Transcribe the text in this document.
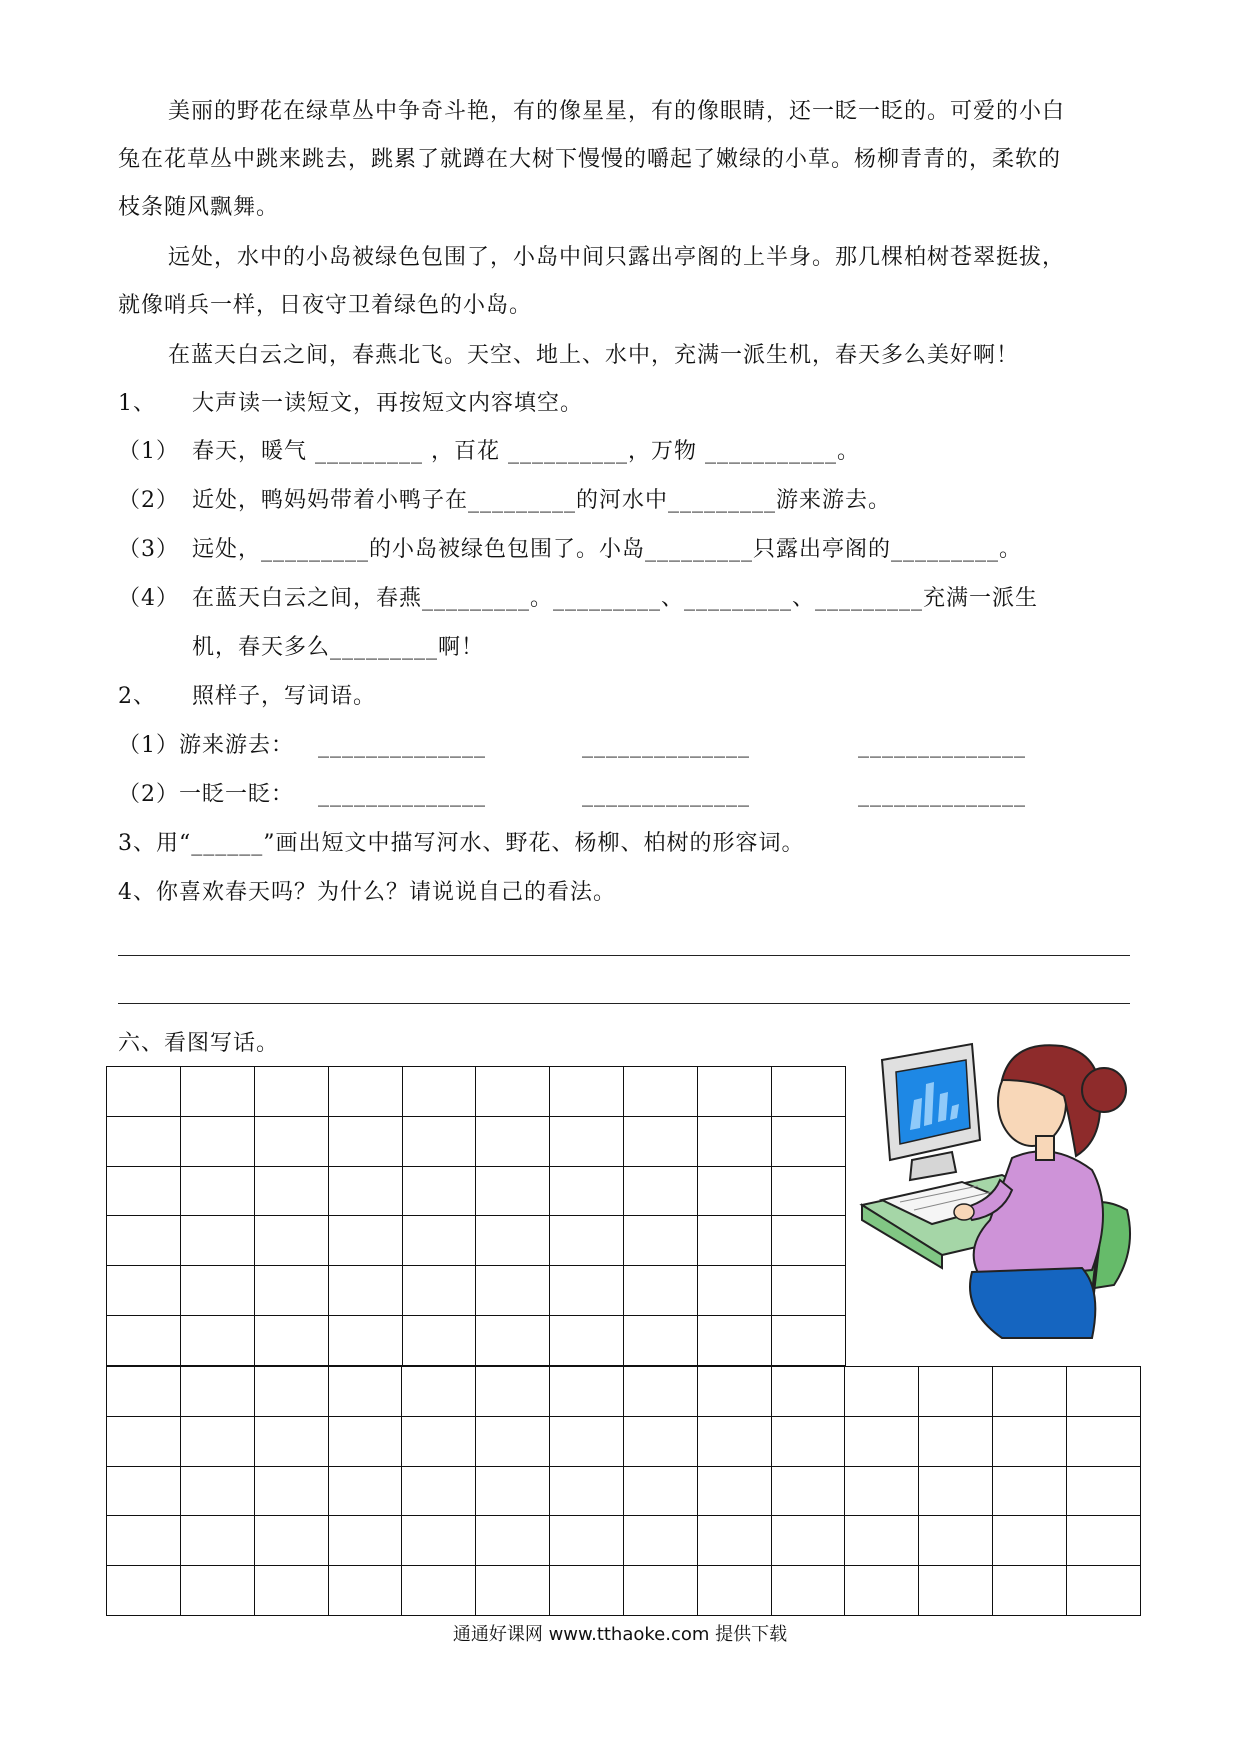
美丽的野花在绿草丛中争奇斗艳，有的像星星，有的像眼睛，还一眨一眨的。可爱的小白
兔在花草丛中跳来跳去，跳累了就蹲在大树下慢慢的嚼起了嫩绿的小草。杨柳青青的，柔软的
枝条随风飘舞。
远处，水中的小岛被绿色包围了，小岛中间只露出亭阁的上半身。那几棵柏树苍翠挺拔，
就像哨兵一样，日夜守卫着绿色的小岛。
在蓝天白云之间，春燕北飞。天空、地上、水中，充满一派生机，春天多么美好啊！
1、 大声读一读短文，再按短文内容填空。
（1） 春天，暖气 _________ ，百花 __________，万物 ___________。
（2） 近处，鸭妈妈带着小鸭子在_________的河水中_________游来游去。
（3） 远处，_________的小岛被绿色包围了。小岛_________只露出亭阁的_________。
（4） 在蓝天白云之间，春燕_________。_________、_________、_________充满一派生
机，春天多么_________啊！
2、 照样子，写词语。
（1）游来游去： ______________	______________	______________
（2）一眨一眨： ______________	______________	______________
3、用“______”画出短文中描写河水、野花、杨柳、柏树的形容词。
4、你喜欢春天吗？为什么？请说说自己的看法。
六、看图写话。

通通好课网 www.tthaoke.com 提供下载
